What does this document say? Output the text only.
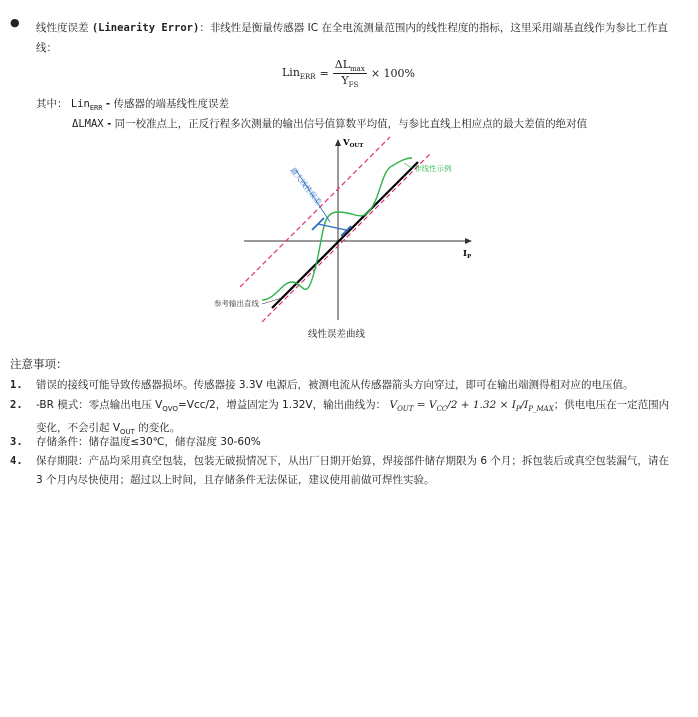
● 线性度误差 (Linearity Error)：非线性是衡量传感器 IC 在全电流测量范围内的线性程度的指标，这里采用端基直线作为参比工作直线：
$Lin_{ERR} = \frac{\Delta L_{max}}{Y_{FS}} \times 100\%$
其中： Lin$_{ERR}$ - 传感器的端基线性度误差
ΔLMAX - 同一校准点上，正反行程多次测量的输出信号值算数平均值，与参比直线上相应点的最大差值的绝对值
$V_{OUT}$
$I_P$
最大线性误差	非线性示例
参考输出直线
线性误差曲线
注意事项：
1.	错误的接线可能导致传感器损坏。传感器接 3.3V 电源后，被测电流从传感器箭头方向穿过，即可在输出端测得相对应的电压值。
2.	-BR 模式：零点输出电压 $V_{QVO}=Vcc/2$，增益固定为 1.32V，输出曲线为： $V_{OUT} = V_{CC}/2 + 1.32 \times I_P/I_{P\_MAX}$；供电电压在一定范围内变化，不会引起 $V_{OUT}$ 的变化。
3.	存储条件：储存温度≤30℃，储存湿度 30-60%
4.	保存期限：产品均采用真空包装，包装无破损情况下，从出厂日期开始算，焊接部件储存期限为 6 个月；拆包装后或真空包装漏气，请在 3 个月内尽快使用；超过以上时间，且存储条件无法保证，建议使用前做可焊性实验。
